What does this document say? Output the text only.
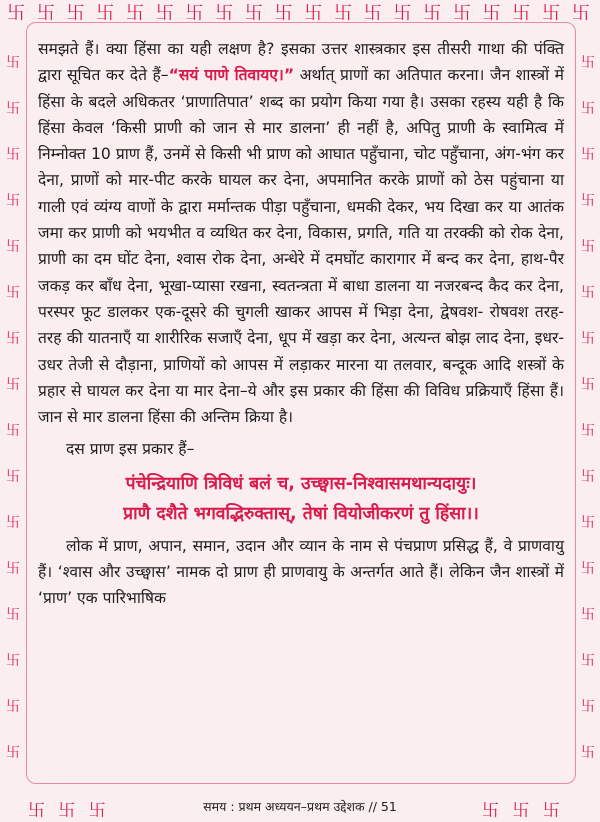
卐 卐 卐 卐 卐 卐 卐 卐 卐 卐 卐 卐 卐 卐 卐 卐 卐 卐 卐 卐
卐
卐
卐
卐
卐
卐
卐
卐
卐
卐
卐
卐
卐
卐
卐
卐
卐
卐
卐
卐
卐
卐
卐
卐
卐
卐
卐
卐
卐
卐
卐
卐

समझते हैं। क्या हिंसा का यही लक्षण है? इसका उत्तर शास्त्रकार इस तीसरी गाथा की पंक्ति द्वारा सूचित कर देते हैं–“सयं पाणे तिवायए।” अर्थात् प्राणों का अतिपात करना। जैन शास्त्रों में हिंसा के बदले अधिकतर ‘प्राणातिपात’ शब्द का प्रयोग किया गया है। उसका रहस्य यही है कि हिंसा केवल ‘किसी प्राणी को जान से मार डालना’ ही नहीं है, अपितु प्राणी के स्वामित्व में निम्नोक्त 10 प्राण हैं, उनमें से किसी भी प्राण को आघात पहुँचाना, चोट पहुँचाना, अंग-भंग कर देना, प्राणों को मार-पीट करके घायल कर देना, अपमानित करके प्राणों को ठेस पहुंचाना या गाली एवं व्यंग्य वाणों के द्वारा मर्मान्तक पीड़ा पहुँचाना, धमकी देकर, भय दिखा कर या आतंक जमा कर प्राणी को भयभीत व व्यथित कर देना, विकास, प्रगति, गति या तरक्की को रोक देना, प्राणी का दम घोंट देना, श्वास रोक देना, अन्धेरे में दमघोंट कारागार में बन्द कर देना, हाथ-पैर जकड़ कर बाँध देना, भूखा-प्यासा रखना, स्वतन्त्रता में बाधा डालना या नजरबन्द कैद कर देना, परस्पर फूट डालकर एक-दूसरे की चुगली खाकर आपस में भिड़ा देना, द्वेषवश- रोषवश तरह-तरह की यातनाएँ या शारीरिक सजाएँ देना, धूप में खड़ा कर देना, अत्यन्त बोझ लाद देना, इधर-उधर तेजी से दौड़ाना, प्राणियों को आपस में लड़ाकर मारना या तलवार, बन्दूक आदि शस्त्रों के प्रहार से घायल कर देना या मार देना–ये और इस प्रकार की हिंसा की विविध प्रक्रियाएँ हिंसा हैं। जान से मार डालना हिंसा की अन्तिम क्रिया है।

दस प्राण इस प्रकार हैं–

पंचेन्द्रियाणि त्रिविधं बलं च, उच्छ्वास-निश्वासमथान्यदायुः।
प्राणै दशैते भगवद्भिरुक्तास्, तेषां वियोजीकरणं तु हिंसा।।

लोक में प्राण, अपान, समान, उदान और व्यान के नाम से पंचप्राण प्रसिद्ध हैं, वे प्राणवायु हैं। ‘श्वास और उच्छ्वास’ नामक दो प्राण ही प्राणवायु के अन्तर्गत आते हैं। लेकिन जैन शास्त्रों में ‘प्राण’ एक पारिभाषिक

卐 卐 卐	समय : प्रथम अध्ययन–प्रथम उद्देशक // 51	卐 卐 卐
